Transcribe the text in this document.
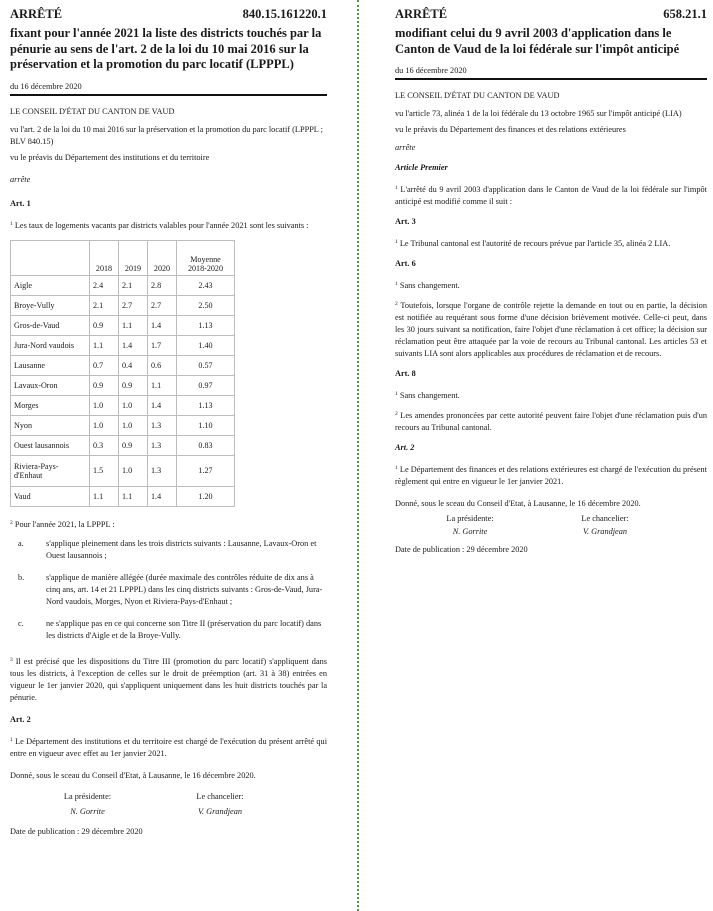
ARRÊTÉ	840.15.161220.1
fixant pour l'année 2021 la liste des districts touchés par la pénurie au sens de l'art. 2 de la loi du 10 mai 2016 sur la préservation et la promotion du parc locatif (LPPPL)
du 16 décembre 2020

LE CONSEIL D'ÉTAT DU CANTON DE VAUD

vu l'art. 2 de la loi du 10 mai 2016 sur la préservation et la promotion du parc locatif (LPPPL ; BLV 840.15)

vu le préavis du Département des institutions et du territoire

arrête

Art. 1

$^1$ Les taux de logements vacants par districts valables pour l'année 2021 sont les suivants :

	2018	2019	2020	Moyenne 2018-2020
Aigle	2.4	2.1	2.8	2.43
Broye-Vully	2.1	2.7	2.7	2.50
Gros-de-Vaud	0.9	1.1	1.4	1.13
Jura-Nord vaudois	1.1	1.4	1.7	1.40
Lausanne	0.7	0.4	0.6	0.57
Lavaux-Oron	0.9	0.9	1.1	0.97
Morges	1.0	1.0	1.4	1.13
Nyon	1.0	1.0	1.3	1.10
Ouest lausannois	0.3	0.9	1.3	0.83
Riviera-Pays-d'Enhaut	1.5	1.0	1.3	1.27
Vaud	1.1	1.1	1.4	1.20

$^2$ Pour l'année 2021, la LPPPL :

a.	s'applique pleinement dans les trois districts suivants : Lausanne, Lavaux-Oron et Ouest lausannois ;
b.	s'applique de manière allégée (durée maximale des contrôles réduite de dix ans à cinq ans, art. 14 et 21 LPPPL) dans les cinq districts suivants : Gros-de-Vaud, Jura-Nord vaudois, Morges, Nyon et Riviera-Pays-d'Enhaut ;
c.	ne s'applique pas en ce qui concerne son Titre II (préservation du parc locatif) dans les districts d'Aigle et de la Broye-Vully.

$^3$ Il est précisé que les dispositions du Titre III (promotion du parc locatif) s'appliquent dans tous les districts, à l'exception de celles sur le droit de préemption (art. 31 à 38) entrées en vigueur le 1er janvier 2020, qui s'appliquent uniquement dans les huit districts touchés par la pénurie.

Art. 2

$^1$ Le Département des institutions et du territoire est chargé de l'exécution du présent arrêté qui entre en vigueur avec effet au 1er janvier 2021.

Donné, sous le sceau du Conseil d'Etat, à Lausanne, le 16 décembre 2020.

La présidente:	Le chancelier:
N. Gorrite	V. Grandjean

Date de publication : 29 décembre 2020

ARRÊTÉ	658.21.1
modifiant celui du 9 avril 2003 d'application dans le Canton de Vaud de la loi fédérale sur l'impôt anticipé
du 16 décembre 2020

LE CONSEIL D'ÉTAT DU CANTON DE VAUD

vu l'article 73, alinéa 1 de la loi fédérale du 13 octobre 1965 sur l'impôt anticipé (LIA)

vu le préavis du Département des finances et des relations extérieures

arrête

Article Premier

$^1$ L'arrêté du 9 avril 2003 d'application dans le Canton de Vaud de la loi fédérale sur l'impôt anticipé est modifié comme il suit :

Art. 3

$^1$ Le Tribunal cantonal est l'autorité de recours prévue par l'article 35, alinéa 2 LIA.

Art. 6

$^1$ Sans changement.

$^2$ Toutefois, lorsque l'organe de contrôle rejette la demande en tout ou en partie, la décision est notifiée au requérant sous forme d'une décision brièvement motivée. Celle-ci peut, dans les 30 jours suivant sa notification, faire l'objet d'une réclamation à cet office; la décision sur réclamation peut être attaquée par la voie de recours au Tribunal cantonal. Les articles 53 et suivants LIA sont alors applicables aux procédures de réclamation et de recours.

Art. 8

$^1$ Sans changement.

$^2$ Les amendes prononcées par cette autorité peuvent faire l'objet d'une réclamation puis d'un recours au Tribunal cantonal.

Art. 2

$^1$ Le Département des finances et des relations extérieures est chargé de l'exécution du présent règlement qui entre en vigueur le 1er janvier 2021.

Donné, sous le sceau du Conseil d'Etat, à Lausanne, le 16 décembre 2020.

La présidente:	Le chancelier:
N. Gorrite	V. Grandjean

Date de publication : 29 décembre 2020
